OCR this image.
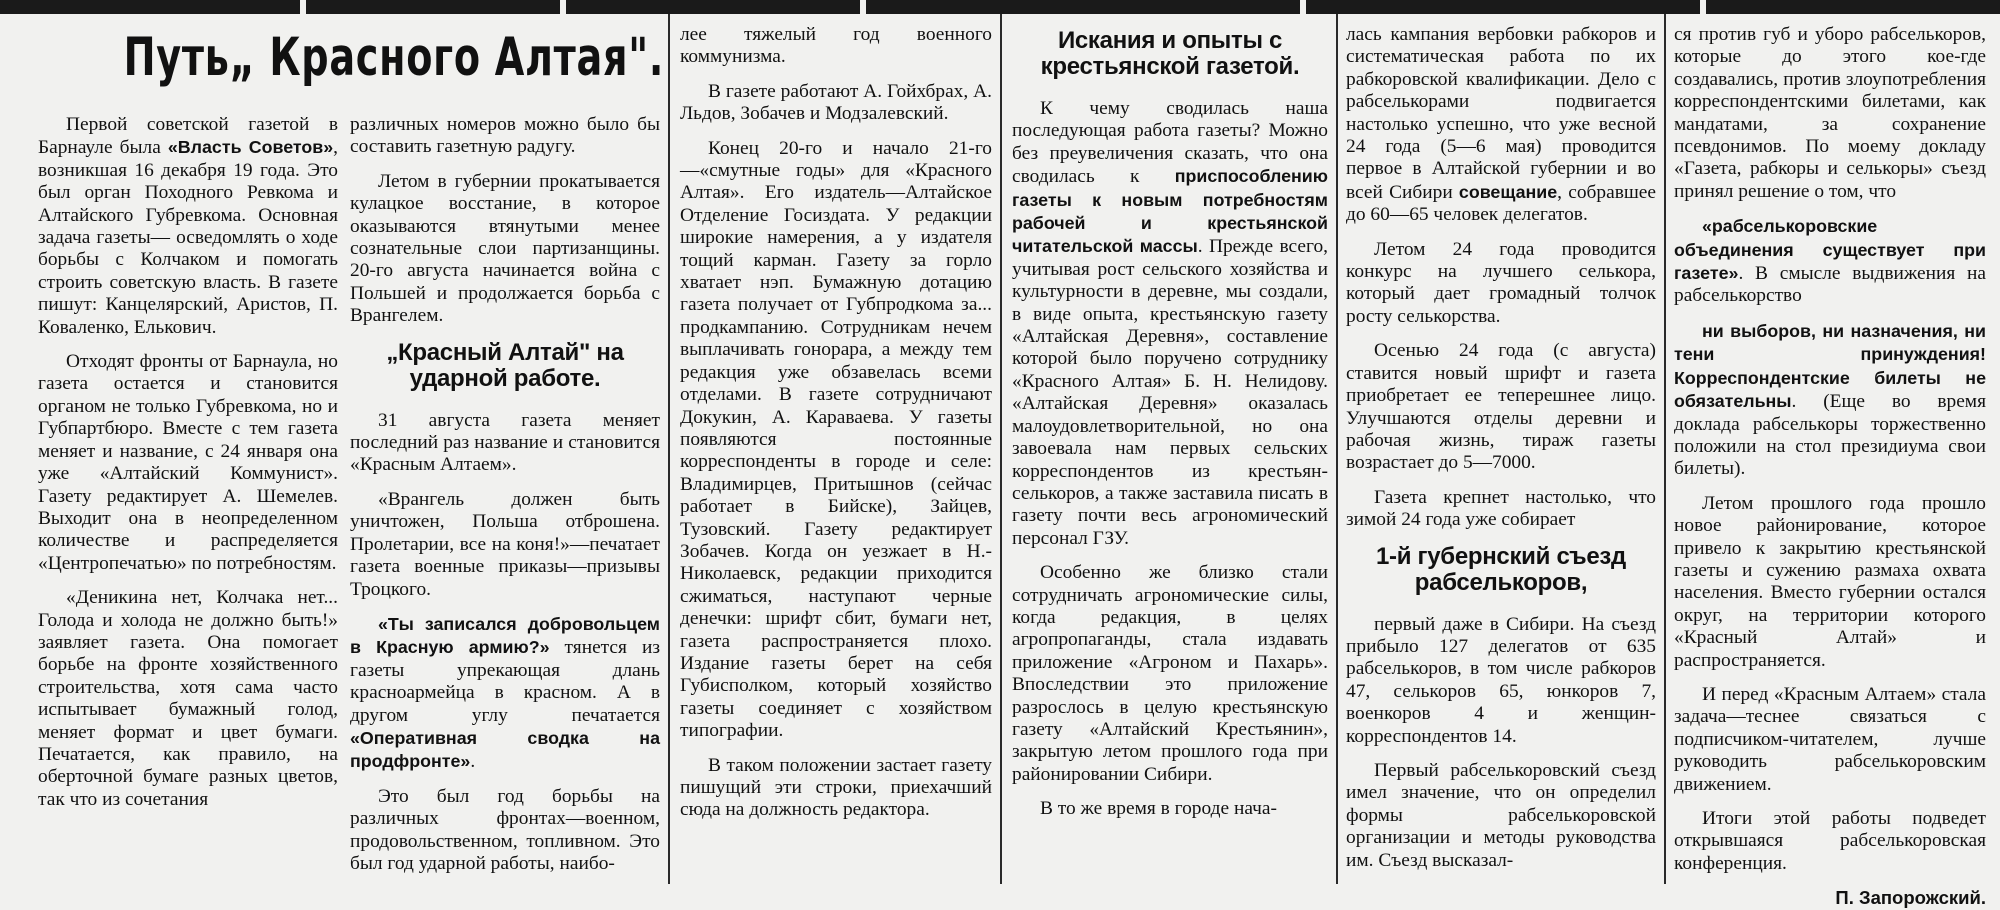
Путь„ Красного Алтая".

Первой советской газетой в Барнауле была «Власть Советов», возникшая 16 декабря 19 года. Это был орган Походного Ревкома и Алтайского Губревкома. Основная задача газеты— осведомлять о ходе борьбы с Колчаком и помогать строить советскую власть. В газете пишут: Канцелярский, Аристов, П. Коваленко, Елькович.

Отходят фронты от Барнаула, но газета остается и становится органом не только Губревкома, но и Губпартбюро. Вместе с тем газета меняет и название, с 24 января она уже «Алтайский Коммунист». Газету редактирует А. Шемелев. Выходит она в неопределенном количестве и распределяется «Центропечатью» по потребностям.

«Деникина нет, Колчака нет... Голода и холода не должно быть!» заявляет газета. Она помогает борьбе на фронте хозяйственного строительства, хотя сама часто испытывает бумажный голод, меняет формат и цвет бумаги. Печатается, как правило, на оберточной бумаге разных цветов, так что из сочетания

различных номеров можно было бы составить газетную радугу.

Летом в губернии прокатывается кулацкое восстание, в которое оказываются втянутыми менее сознательные слои партизанщины. 20-го августа начинается война с Польшей и продолжается борьба с Врангелем.

„Красный Алтай" на ударной работе.

31 августа газета меняет последний раз название и становится «Красным Алтаем».

«Врангель должен быть уничтожен, Польша отброшена. Пролетарии, все на коня!»—печатает газета военные приказы—призывы Троцкого.

«Ты записался добровольцем в Красную армию?» тянется из газеты упрекающая длань красноармейца в красном. А в другом углу печатается «Оперативная сводка на продфронте».

Это был год борьбы на различных фронтах—военном, продовольственном, топливном. Это был год ударной работы, наибо-

лее тяжелый год военного коммунизма.

В газете работают А. Гойхбрах, А. Льдов, Зобачев и Модзалевский.

Конец 20-го и начало 21-го—«смутные годы» для «Красного Алтая». Его издатель—Алтайское Отделение Госиздата. У редакции широкие намерения, а у издателя тощий карман. Газету за горло хватает нэп. Бумажную дотацию газета получает от Губпродкома за... продкампанию. Сотрудникам нечем выплачивать гонорара, а между тем редакция уже обзавелась всеми отделами. В газете сотрудничают Докукин, А. Караваева. У газеты появляются постоянные корреспонденты в городе и селе: Владимирцев, Притышнов (сейчас работает в Бийске), Зайцев, Тузовский. Газету редактирует Зобачев. Когда он уезжает в Н.-Николаевск, редакции приходится сжиматься, наступают черные денечки: шрифт сбит, бумаги нет, газета распространяется плохо. Издание газеты берет на себя Губисполком, который хозяйство газеты соединяет с хозяйством типографии.

В таком положении застает газету пишущий эти строки, приехачший сюда на должность редактора.

Искания и опыты с крестьянской газетой.

К чему сводилась наша последующая работа газеты? Можно без преувеличения сказать, что она сводилась к приспособлению газеты к новым потребностям рабочей и крестьянской читательской массы. Прежде всего, учитывая рост сельского хозяйства и культурности в деревне, мы создали, в виде опыта, крестьянскую газету «Алтайская Деревня», составление которой было поручено сотруднику «Красного Алтая» Б. Н. Нелидову. «Алтайская Деревня» оказалась малоудовлетворительной, но она завоевала нам первых сельских корреспондентов из крестьян-селькоров, а также заставила писать в газету почти весь агрономический персонал ГЗУ.

Особенно же близко стали сотрудничать агрономические силы, когда редакция, в целях агропропаганды, стала издавать приложение «Агроном и Пахарь». Впоследствии это приложение разрослось в целую крестьянскую газету «Алтайский Крестьянин», закрытую летом прошлого года при районировании Сибири.

В то же время в городе нача-

лась кампания вербовки рабкоров и систематическая работа по их рабкоровской квалификации. Дело с рабселькорами подвигается настолько успешно, что уже весной 24 года (5—6 мая) проводится первое в Алтайской губернии и во всей Сибири совещание, собравшее до 60—65 человек делегатов.

Летом 24 года проводится конкурс на лучшего селькора, который дает громадный толчок росту селькорства.

Осенью 24 года (с августа) ставится новый шрифт и газета приобретает ее теперешнее лицо. Улучшаются отделы деревни и рабочая жизнь, тираж газеты возрастает до 5—7000.

Газета крепнет настолько, что зимой 24 года уже собирает

1-й губернский съезд рабселькоров,

первый даже в Сибири. На съезд прибыло 127 делегатов от 635 рабселькоров, в том числе рабкоров 47, селькоров 65, юнкоров 7, военкоров 4 и женщин-корреспондентов 14.

Первый рабселькоровский съезд имел значение, что он определил формы рабселькоровской организации и методы руководства им. Съезд высказал-

ся против губ и уборо рабселькоров, которые до этого кое-где создавались, против злоупотребления корреспондентскими билетами, как мандатами, за сохранение псевдонимов. По моему докладу «Газета, рабкоры и селькоры» съезд принял решение о том, что

«рабселькоровские объединения существует при газете». В смысле выдвижения на рабселькорство

ни выборов, ни назначения, ни тени принуждения! Корреспондентские билеты не обязательны. (Еще во время доклада рабселькоры торжественно положили на стол президиума свои билеты).

Летом прошлого года прошло новое районирование, которое привело к закрытию крестьянской газеты и сужению размаха охвата населения. Вместо губернии остался округ, на территории которого «Красный Алтай» и распространяется.

И перед «Красным Алтаем» стала задача—теснее связаться с подписчиком-читателем, лучше руководить рабселькоровским движением.

Итоги этой работы подведет открывшаяся рабселькоровская конференция.

П. Запорожский.
